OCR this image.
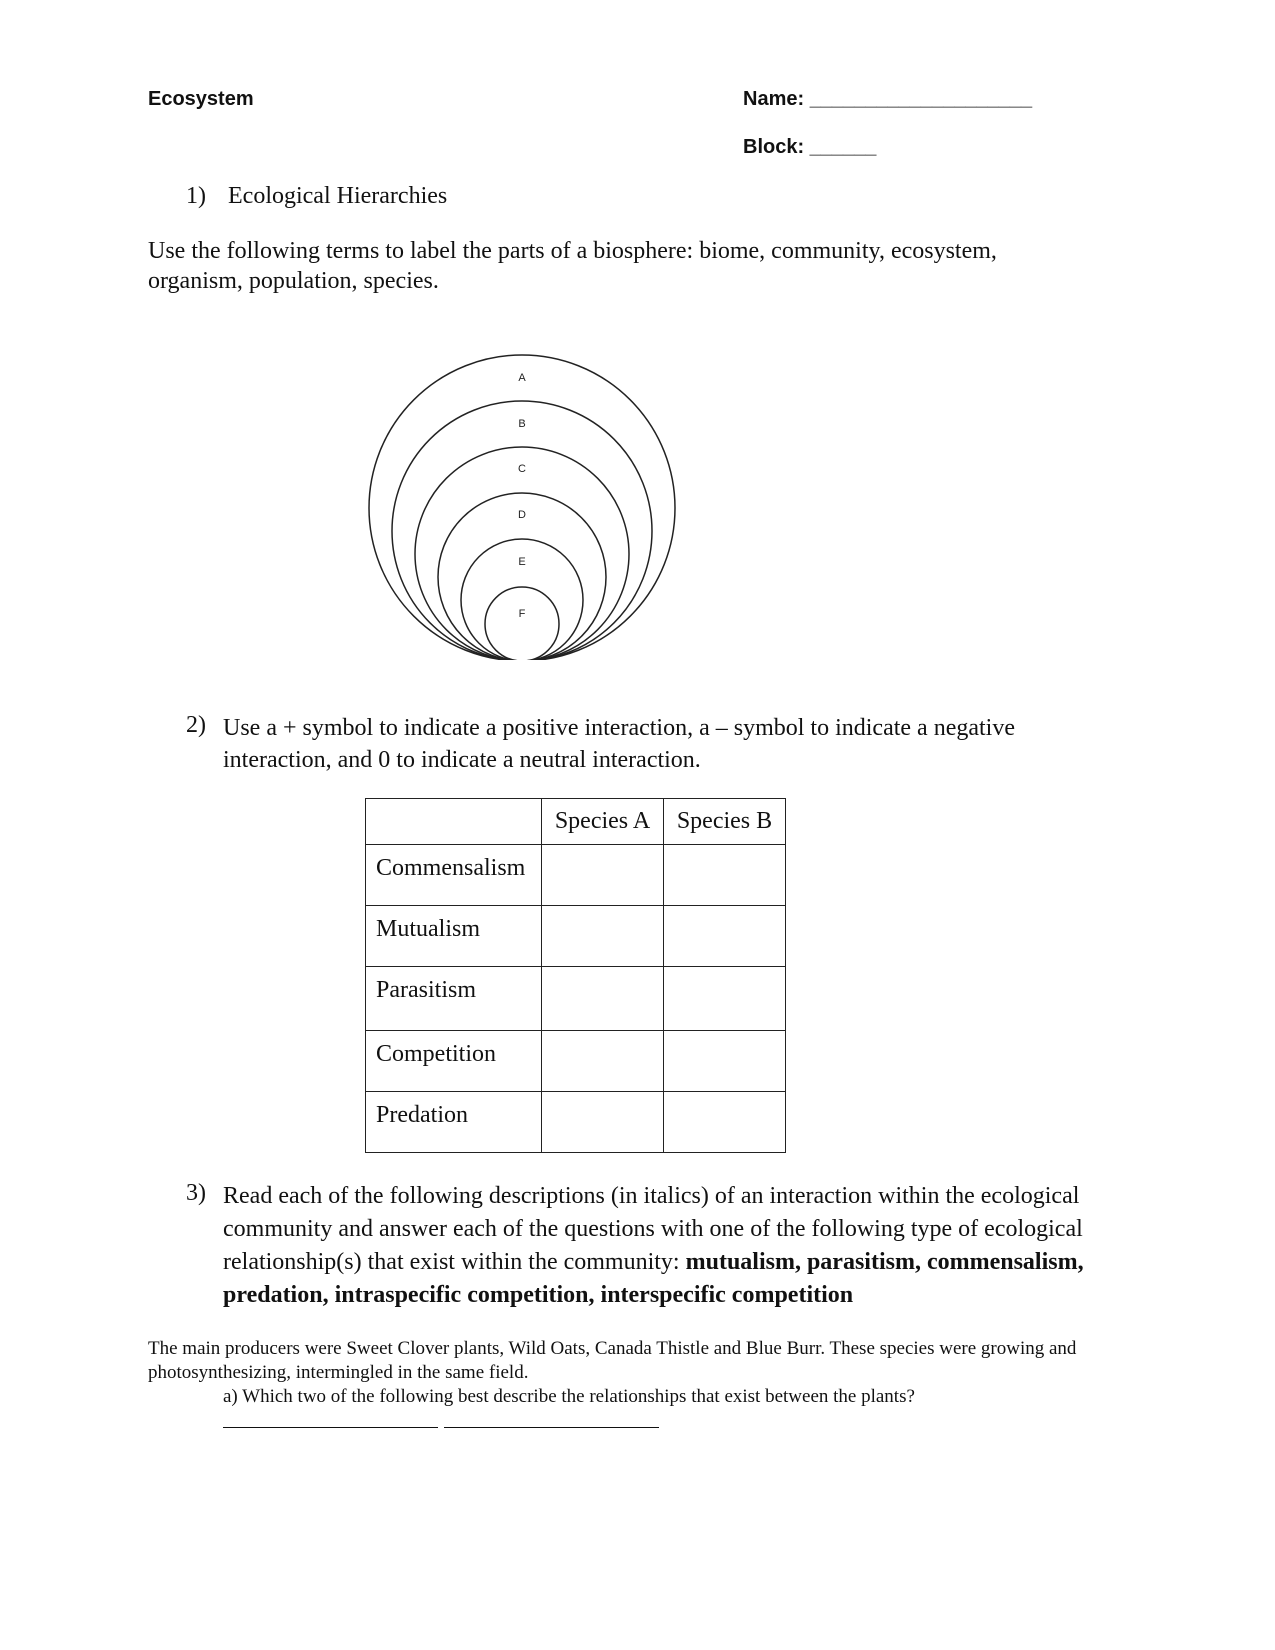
Ecosystem	Name: ____________________
Block: ______
1) Ecological Hierarchies
Use the following terms to label the parts of a biosphere: biome, community, ecosystem, organism, population, species.
A
B
C
D
E
F
2) Use a + symbol to indicate a positive interaction, a – symbol to indicate a negative interaction, and 0 to indicate a neutral interaction.
	Species A	Species B
Commensalism		
Mutualism		
Parasitism		
Competition		
Predation		
3) Read each of the following descriptions (in italics) of an interaction within the ecological community and answer each of the questions with one of the following type of ecological relationship(s) that exist within the community: mutualism, parasitism, commensalism, predation, intraspecific competition, interspecific competition
The main producers were Sweet Clover plants, Wild Oats, Canada Thistle and Blue Burr. These species were growing and photosynthesizing, intermingled in the same field.
a) Which two of the following best describe the relationships that exist between the plants?
